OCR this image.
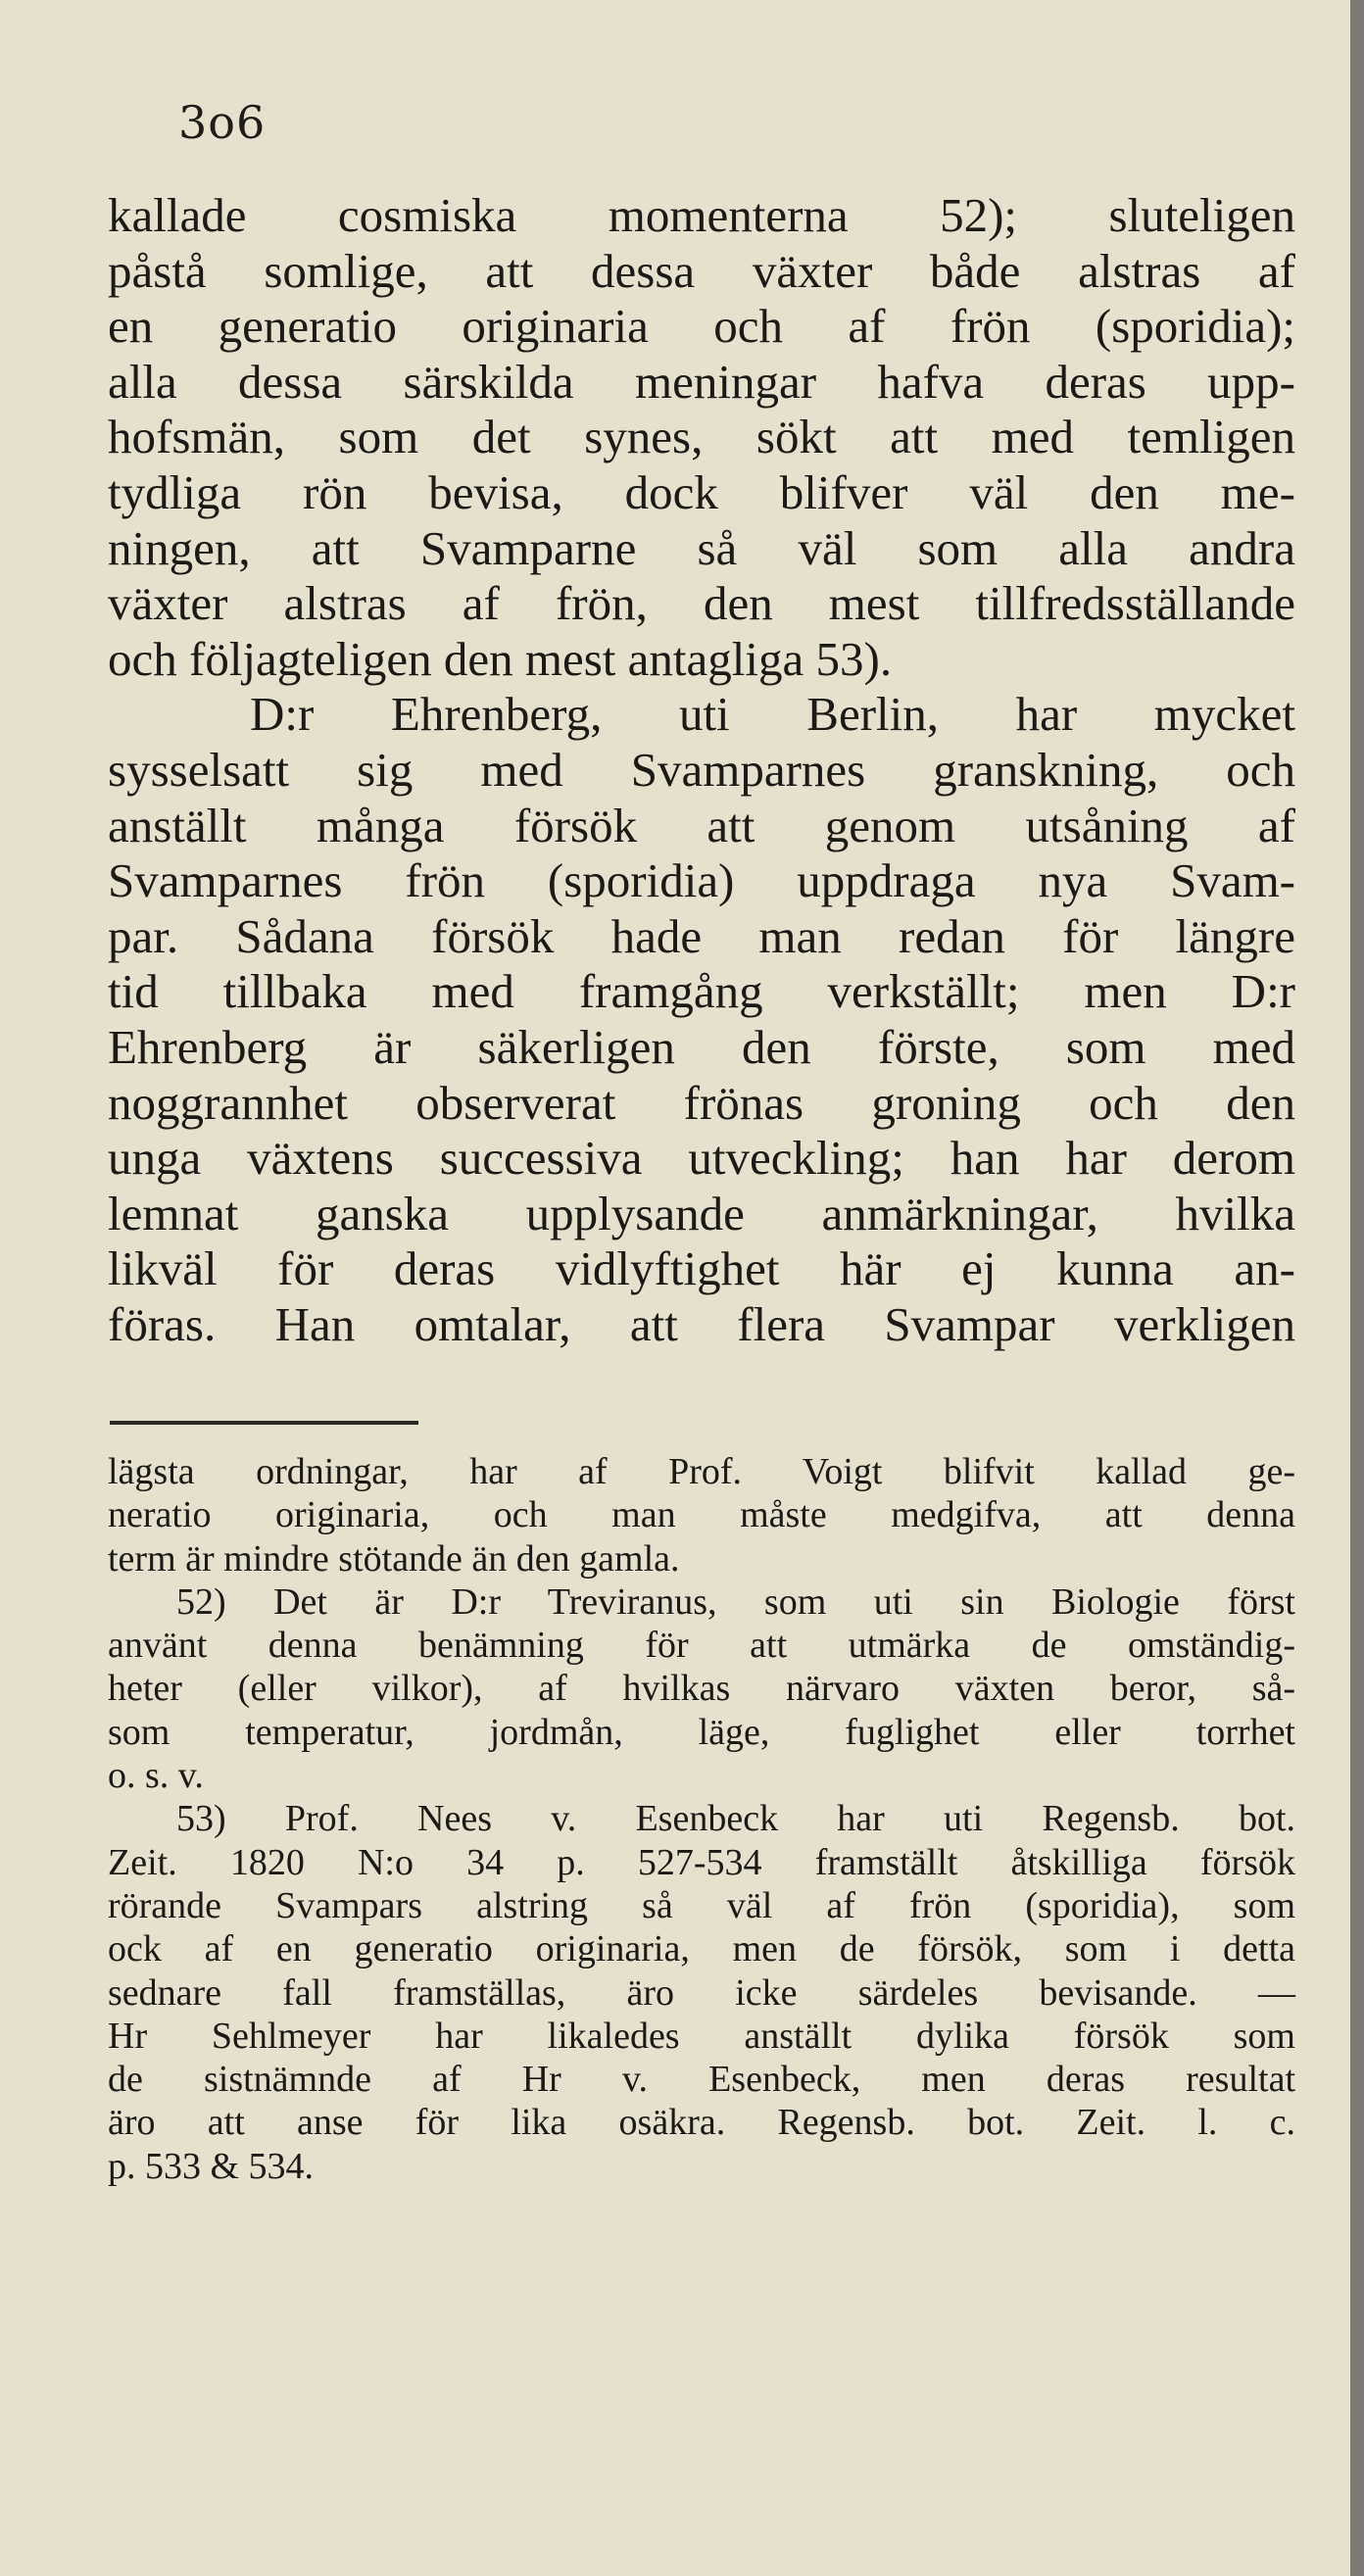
3o6
kallade cosmiska momenterna 52); sluteligen
påstå somlige, att dessa växter både alstras af
en generatio originaria och af frön (sporidia);
alla dessa särskilda meningar hafva deras upp-
hofsmän, som det synes, sökt att med temligen
tydliga rön bevisa, dock blifver väl den me-
ningen, att Svamparne så väl som alla andra
växter alstras af frön, den mest tillfredsställande
och följagteligen den mest antagliga 53).
D:r Ehrenberg, uti Berlin, har mycket
sysselsatt sig med Svamparnes granskning, och
anställt många försök att genom utsåning af
Svamparnes frön (sporidia) uppdraga nya Svam-
par. Sådana försök hade man redan för längre
tid tillbaka med framgång verkställt; men D:r
Ehrenberg är säkerligen den förste, som med
noggrannhet observerat frönas groning och den
unga växtens successiva utveckling; han har derom
lemnat ganska upplysande anmärkningar, hvilka
likväl för deras vidlyftighet här ej kunna an-
föras. Han omtalar, att flera Svampar verkligen
lägsta ordningar, har af Prof. Voigt blifvit kallad ge-
neratio originaria, och man måste medgifva, att denna
term är mindre stötande än den gamla.
52) Det är D:r Treviranus, som uti sin Biologie först
använt denna benämning för att utmärka de omständig-
heter (eller vilkor), af hvilkas närvaro växten beror, så-
som temperatur, jordmån, läge, fuglighet eller torrhet
o. s. v.
53) Prof. Nees v. Esenbeck har uti Regensb. bot.
Zeit. 1820 N:o 34 p. 527-534 framställt åtskilliga försök
rörande Svampars alstring så väl af frön (sporidia), som
ock af en generatio originaria, men de försök, som i detta
sednare fall framställas, äro icke särdeles bevisande. —
Hr Sehlmeyer har likaledes anställt dylika försök som
de sistnämnde af Hr v. Esenbeck, men deras resultat
äro att anse för lika osäkra. Regensb. bot. Zeit. l. c.
p. 533 & 534.
